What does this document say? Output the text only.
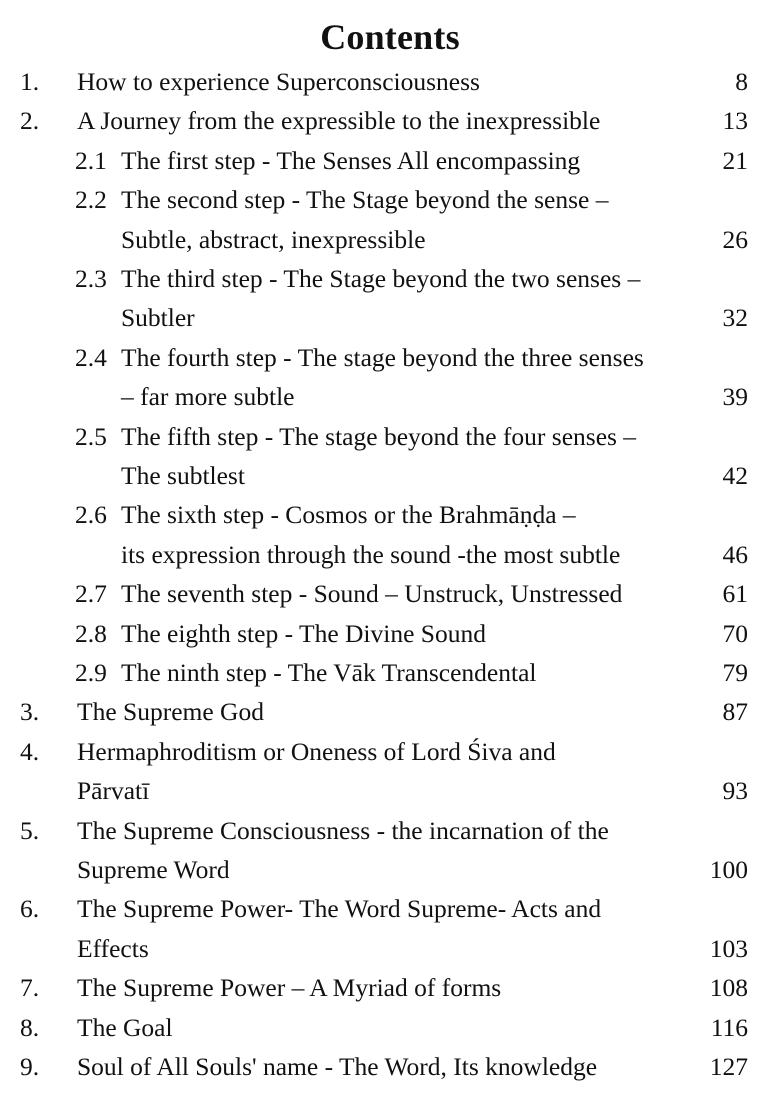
Contents
1. How to experience Superconsciousness	8
2. A Journey from the expressible to the inexpressible	13
2.1 The first step - The Senses All encompassing	21
2.2 The second step - The Stage beyond the sense –
Subtle, abstract, inexpressible	26
2.3 The third step - The Stage beyond the two senses –
Subtler	32
2.4 The fourth step - The stage beyond the three senses
– far more subtle	39
2.5 The fifth step - The stage beyond the four senses –
The subtlest	42
2.6 The sixth step - Cosmos or the Brahmāṇḍa –
its expression through the sound -the most subtle	46
2.7 The seventh step - Sound – Unstruck, Unstressed	61
2.8 The eighth step - The Divine Sound	70
2.9 The ninth step - The Vāk Transcendental	79
3. The Supreme God	87
4. Hermaphroditism or Oneness of Lord Śiva and
Pārvatī	93
5. The Supreme Consciousness - the incarnation of the
Supreme Word	100
6. The Supreme Power- The Word Supreme- Acts and
Effects	103
7. The Supreme Power – A Myriad of forms	108
8. The Goal	116
9. Soul of All Souls' name - The Word, Its knowledge	127
